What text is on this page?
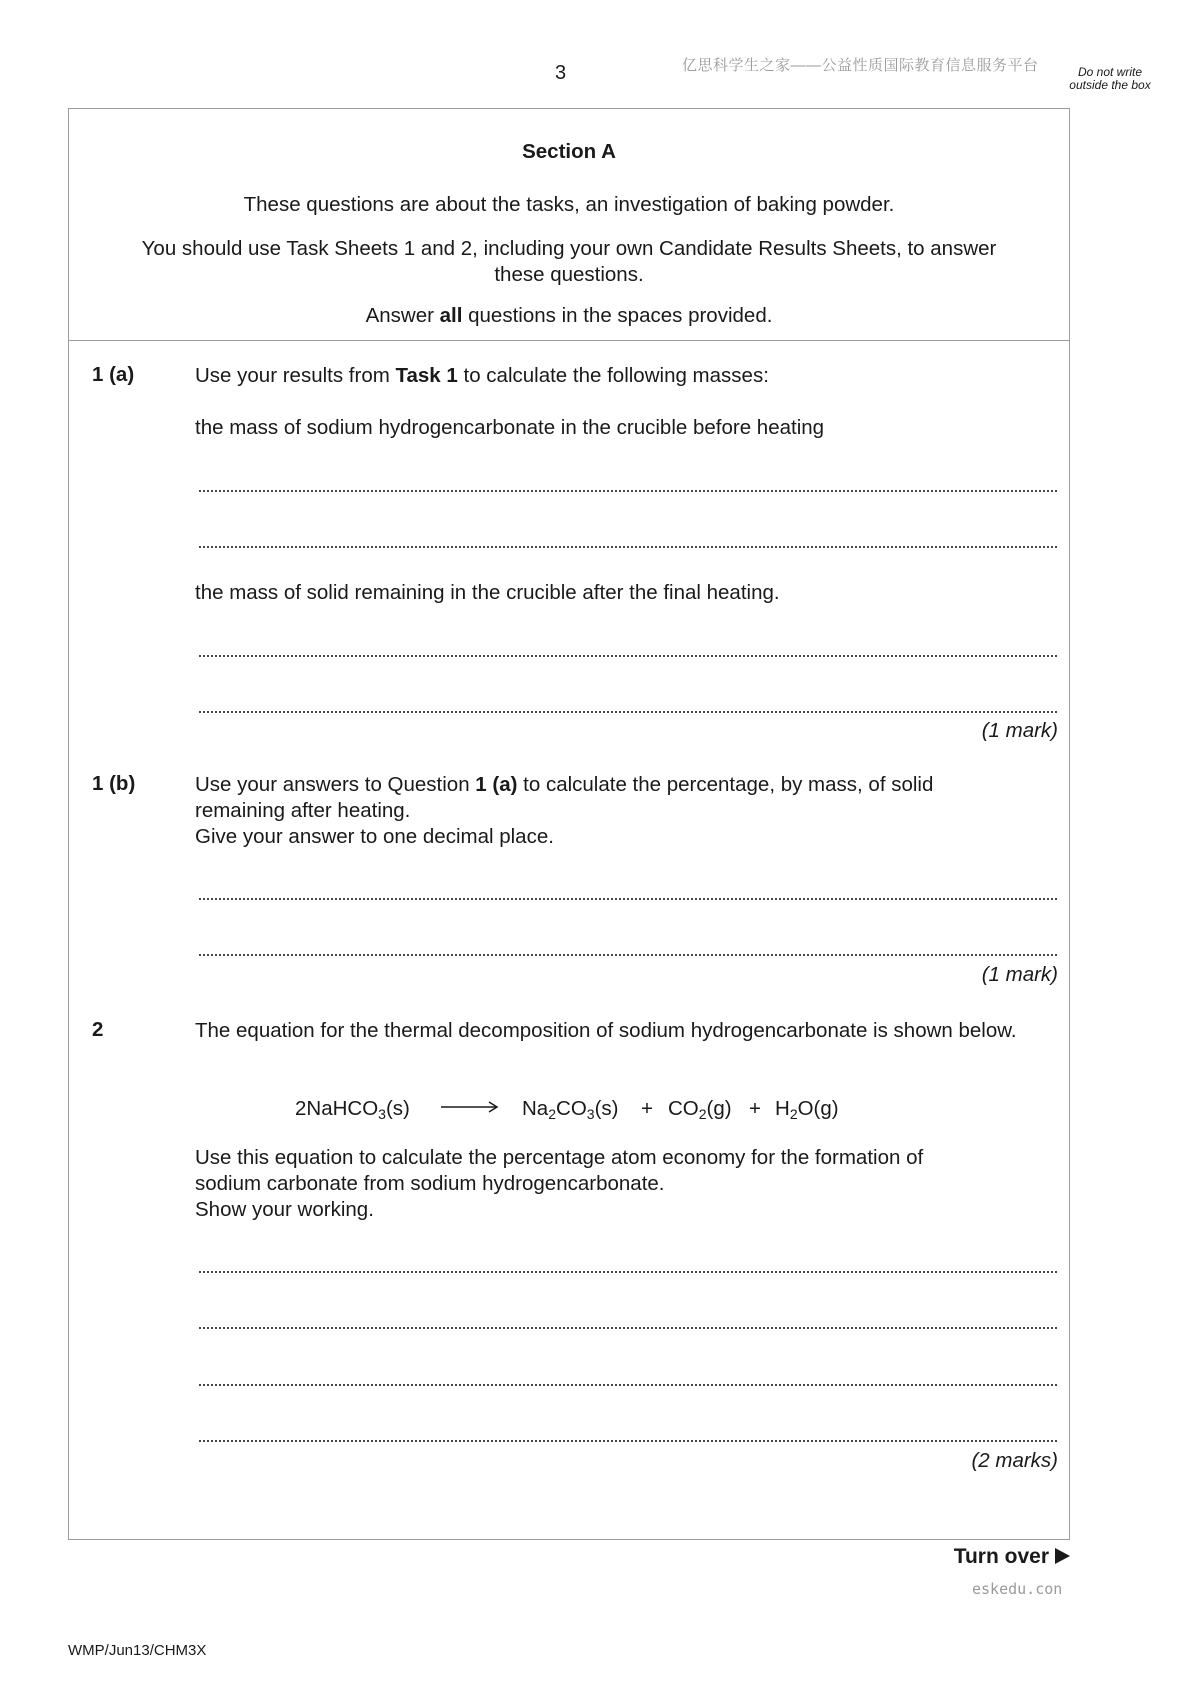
3	亿思科学生之家——公益性质国际教育信息服务平台	Do not write outside the box
Section A
These questions are about the tasks, an investigation of baking powder.
You should use Task Sheets 1 and 2, including your own Candidate Results Sheets, to answer these questions.
Answer all questions in the spaces provided.
1 (a)	Use your results from Task 1 to calculate the following masses:
the mass of sodium hydrogencarbonate in the crucible before heating
the mass of solid remaining in the crucible after the final heating.
(1 mark)
1 (b)	Use your answers to Question 1 (a) to calculate the percentage, by mass, of solid
remaining after heating.
Give your answer to one decimal place.
(1 mark)
2	The equation for the thermal decomposition of sodium hydrogencarbonate is shown below.
2NaHCO$_3$(s) → $Na_2CO_3(s) + CO_2(g) + H_2O(g)$
Use this equation to calculate the percentage atom economy for the formation of
sodium carbonate from sodium hydrogencarbonate.
Show your working.
(2 marks)
Turn over
eskedu.con
WMP/Jun13/CHM3X
